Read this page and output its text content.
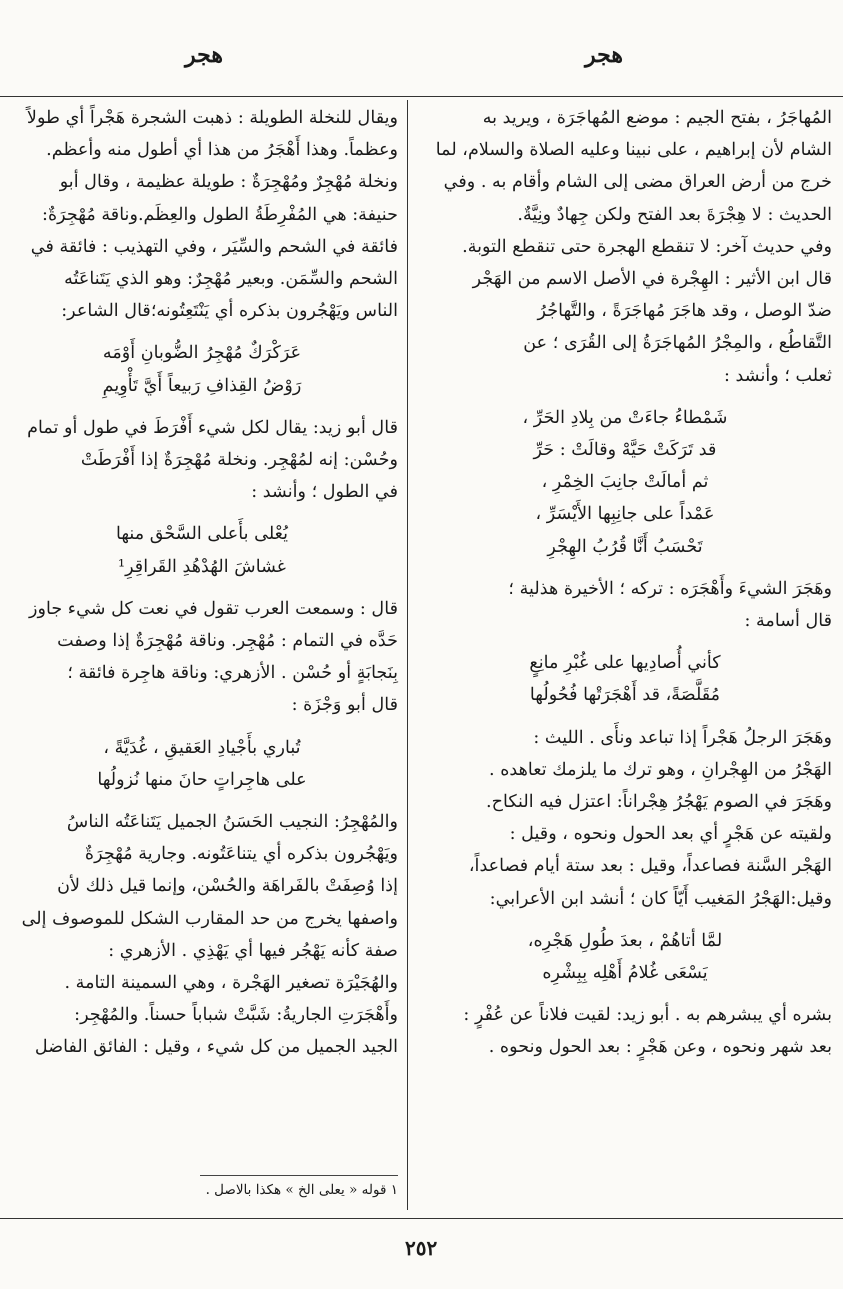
هجر
هجر

المُهاجَرُ ، بفتح الجيم : موضع المُهاجَرَة ، ويريد به

الشام لأن إبراهيم ، على نبينا وعليه الصلاة والسلام، لما

خرج من أرض العراق مضى إلى الشام وأقام به . وفي

الحديث : لا هِجْرَةَ بعد الفتح ولكن جِهادٌ ونِيَّةٌ.

وفي حديث آخر: لا تنقطع الهجرة حتى تنقطع التوبة.

قال ابن الأثير : الهِجْرة في الأصل الاسم من الهَجْر

ضدّ الوصل ، وقد هاجَرَ مُهاجَرَةً ، والتَّهاجُرُ

التَّقاطُع ، والمِجْرُ المُهاجَرَةُ إلى القُرَى ؛ عن

ثعلب ؛ وأنشد :

شَمْطاءُ جاءَتْ من بِلادِ الحَرِّ ،

قد تَرَكَتْ حَيَّهْ وقالَتْ : حَرِّ

ثم أمالَتْ جانِبَ الخِمْرِ ،

عَمْداً على جانِبِها الأَيْسَرِّ ،

تَحْسَبُ أَنَّا قُرُبُ الهِجْرِ

وهَجَرَ الشيءَ وأَهْجَرَه : تركه ؛ الأخيرة هذلية ؛

قال أسامة :

كأني أُصادِيها على غُبْرِ مانِعٍ

مُقَلَّصَةً، قد أَهْجَرَتْها فُحُولُها

وهَجَرَ الرجلُ هَجْراً إذا تباعد ونأَى . الليث :

الهَجْرُ من الهِجْرانِ ، وهو ترك ما يلزمك تعاهده .

وهَجَرَ في الصوم يَهْجُرُ هِجْراناً: اعتزل فيه النكاح.

ولقيته عن هَجْرٍ أي بعد الحول ونحوه ، وقيل :

الهَجْر السَّنة فصاعداً، وقيل : بعد ستة أيام فصاعداً،

وقيل:الهَجْرُ المَغيب أَيّاً كان ؛ أنشد ابن الأعرابي:

لمَّا أتاهُمْ ، بعدَ طُولِ هَجْرِه،

يَسْعَى غُلامُ أَهْلِه بِبِشْرِه

بشره أي يبشرهم به . أبو زيد: لقيت فلاناً عن عُفْرٍ :

بعد شهر ونحوه ، وعن هَجْرٍ : بعد الحول ونحوه .

ويقال للنخلة الطويلة : ذهبت الشجرة هَجْراً أي طولاً

وعظماً. وهذا أَهْجَرُ من هذا أي أطول منه وأعظم.

ونخلة مُهْجِرٌ ومُهْجِرَةٌ : طويلة عظيمة ، وقال أبو

حنيفة: هي المُفْرِطَةُ الطول والعِظَم.وناقة مُهْجِرَةٌ:

فائقة في الشحم والسِّيَر ، وفي التهذيب : فائقة في

الشحم والسِّمَن. وبعير مُهْجِرٌ: وهو الذي يَتَناعَتُه

الناس ويَهْجُرون بذكره أي يَنْتَعِتُونه؛قال الشاعر:

عَرَكْرَكٌ مُهْجِرُ الضُّوبانِ أَوْمَه

رَوْضُ القِذافِ رَبيعاً أَيَّ تَأْوِيمِ

قال أبو زيد: يقال لكل شيء أَفْرَطَ في طول أو تمام

وحُسْن: إنه لمُهْجِر. ونخلة مُهْجِرَةٌ إذا أَفْرَطَتْ

في الطول ؛ وأنشد :

يُعْلى بأَعلى السَّحْق منها

غشاشَ الهُدْهُدِ القَراقِرِ¹

قال : وسمعت العرب تقول في نعت كل شيء جاوز

حَدَّه في التمام : مُهْجِر. وناقة مُهْجِرَةٌ إذا وصفت

بِنَجابَةٍ أو حُسْن . الأزهري: وناقة هاجِرة فائقة ؛

قال أبو وَجْزَة :

تُباري بأَجْيادِ العَقيقِ ، غُدَيَّةً ،

على هاجِراتٍ حانَ منها نُزولُها

والمُهْجِرُ: النجيب الحَسَنُ الجميل يَتَناعَتُه الناسُ

ويَهْجُرون بذكره أي يتناعَتُونه. وجارية مُهْجِرَةٌ

إذا وُصِفَتْ بالفَراهَة والحُسْن، وإنما قيل ذلك لأن

واصفها يخرج من حد المقارب الشكل للموصوف إلى

صفة كأنه يَهْجُر فيها أي يَهْذِي . الأزهري :

والهُجَيْرَة تصغير الهَجْرة ، وهي السمينة التامة .

وأَهْجَرَتِ الجاريةُ: شَبَّتْ شباباً حسناً. والمُهْجِر:

الجيد الجميل من كل شيء ، وقيل : الفائق الفاضل

١ قوله « يعلى الخ » هكذا بالاصل .
٢٥٢
